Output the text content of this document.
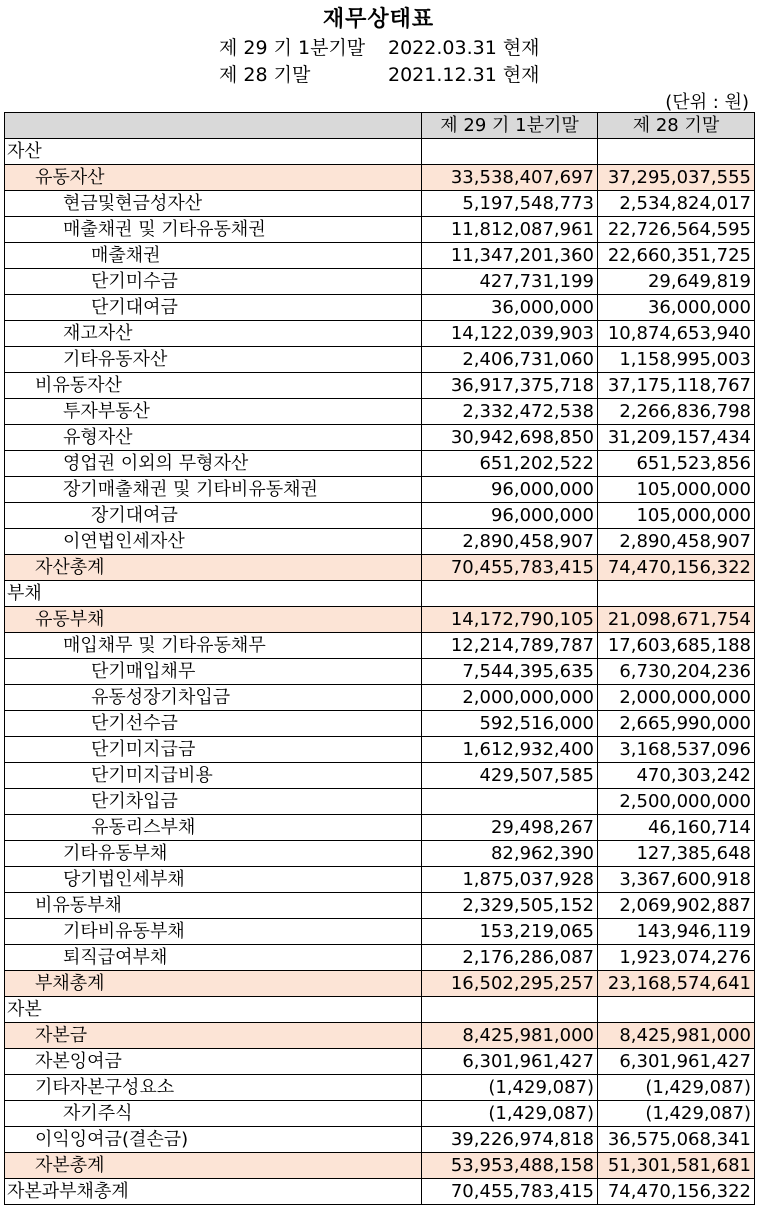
재무상태표
제 29 기 1분기말 2022.03.31 현재
제 28 기말	2021.12.31 현재
(단위 : 원)
	제 29 기 1분기말	제 28 기말
자산		
유동자산	33,538,407,697	37,295,037,555
현금및현금성자산	5,197,548,773	2,534,824,017
매출채권 및 기타유동채권	11,812,087,961	22,726,564,595
매출채권	11,347,201,360	22,660,351,725
단기미수금	427,731,199	29,649,819
단기대여금	36,000,000	36,000,000
재고자산	14,122,039,903	10,874,653,940
기타유동자산	2,406,731,060	1,158,995,003
비유동자산	36,917,375,718	37,175,118,767
투자부동산	2,332,472,538	2,266,836,798
유형자산	30,942,698,850	31,209,157,434
영업권 이외의 무형자산	651,202,522	651,523,856
장기매출채권 및 기타비유동채권	96,000,000	105,000,000
장기대여금	96,000,000	105,000,000
이연법인세자산	2,890,458,907	2,890,458,907
자산총계	70,455,783,415	74,470,156,322
부채		
유동부채	14,172,790,105	21,098,671,754
매입채무 및 기타유동채무	12,214,789,787	17,603,685,188
단기매입채무	7,544,395,635	6,730,204,236
유동성장기차입금	2,000,000,000	2,000,000,000
단기선수금	592,516,000	2,665,990,000
단기미지급금	1,612,932,400	3,168,537,096
단기미지급비용	429,507,585	470,303,242
단기차입금		2,500,000,000
유동리스부채	29,498,267	46,160,714
기타유동부채	82,962,390	127,385,648
당기법인세부채	1,875,037,928	3,367,600,918
비유동부채	2,329,505,152	2,069,902,887
기타비유동부채	153,219,065	143,946,119
퇴직급여부채	2,176,286,087	1,923,074,276
부채총계	16,502,295,257	23,168,574,641
자본		
자본금	8,425,981,000	8,425,981,000
자본잉여금	6,301,961,427	6,301,961,427
기타자본구성요소	(1,429,087)	(1,429,087)
자기주식	(1,429,087)	(1,429,087)
이익잉여금(결손금)	39,226,974,818	36,575,068,341
자본총계	53,953,488,158	51,301,581,681
자본과부채총계	70,455,783,415	74,470,156,322
